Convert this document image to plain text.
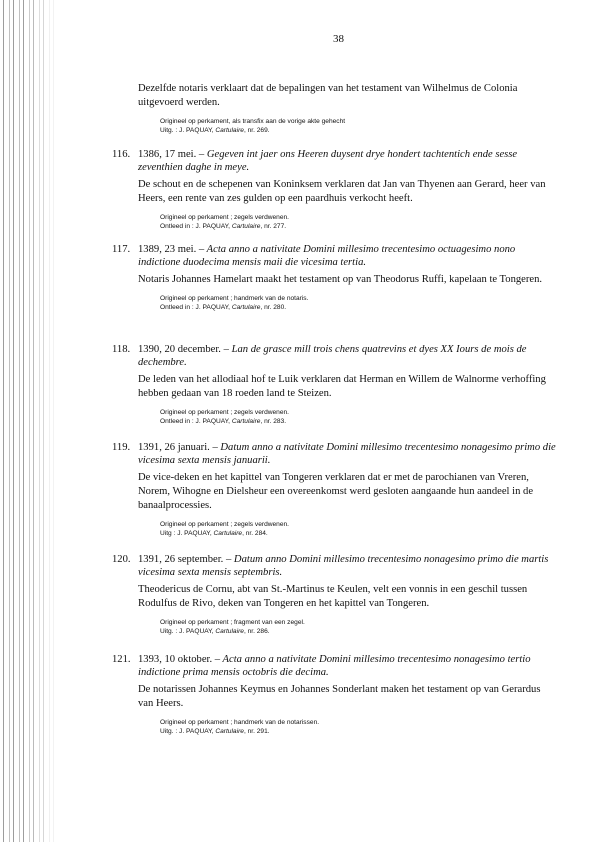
38
Dezelfde notaris verklaart dat de bepalingen van het testament van Wilhelmus de Colonia uitgevoerd werden.
Origineel op perkament, als transfix aan de vorige akte gehecht
Uitg. : J. PAQUAY, Cartulaire, nr. 269.
116. 1386, 17 mei. – Gegeven int jaer ons Heeren duysent drye hondert tachtentich ende sesse zeventhien daghe in meye.
De schout en de schepenen van Koninksem verklaren dat Jan van Thyenen aan Gerard, heer van Heers, een rente van zes gulden op een paardhuis verkocht heeft.
Origineel op perkament ; zegels verdwenen.
Ontleed in : J. PAQUAY, Cartulaire, nr. 277.
117. 1389, 23 mei. – Acta anno a nativitate Domini millesimo trecentesimo octuagesimo nono indictione duodecima mensis maii die vicesima tertia.
Notaris Johannes Hamelart maakt het testament op van Theodorus Ruffi, kapelaan te Tongeren.
Origineel op perkament ; handmerk van de notaris.
Ontleed in : J. PAQUAY, Cartulaire, nr. 280.
118. 1390, 20 december. – Lan de grasce mill trois chens quatrevins et dyes XX Iours de mois de dechembre.
De leden van het allodiaal hof te Luik verklaren dat Herman en Willem de Walnorme verhoffing hebben gedaan van 18 roeden land te Steizen.
Origineel op perkament ; zegels verdwenen.
Ontleed in : J. PAQUAY, Cartulaire, nr. 283.
119. 1391, 26 januari. – Datum anno a nativitate Domini millesimo trecentesimo nonagesimo primo die vicesima sexta mensis januarii.
De vice-deken en het kapittel van Tongeren verklaren dat er met de parochianen van Vreren, Norem, Wihogne en Dielsheur een overeenkomst werd gesloten aangaande hun aandeel in de banaalprocessies.
Origineel op perkament ; zegels verdwenen.
Uitg : J. PAQUAY, Cartulaire, nr. 284.
120. 1391, 26 september. – Datum anno Domini millesimo trecentesimo nonagesimo primo die martis vicesima sexta mensis septembris.
Theodericus de Cornu, abt van St.-Martinus te Keulen, velt een vonnis in een geschil tussen Rodulfus de Rivo, deken van Tongeren en het kapittel van Tongeren.
Origineel op perkament ; fragment van een zegel.
Uitg. : J. PAQUAY, Cartulaire, nr. 286.
121. 1393, 10 oktober. – Acta anno a nativitate Domini millesimo trecentesimo nonagesimo tertio indictione prima mensis octobris die decima.
De notarissen Johannes Keymus en Johannes Sonderlant maken het testament op van Gerardus van Heers.
Origineel op perkament ; handmerk van de notarissen.
Uitg. : J. PAQUAY, Cartulaire, nr. 291.
